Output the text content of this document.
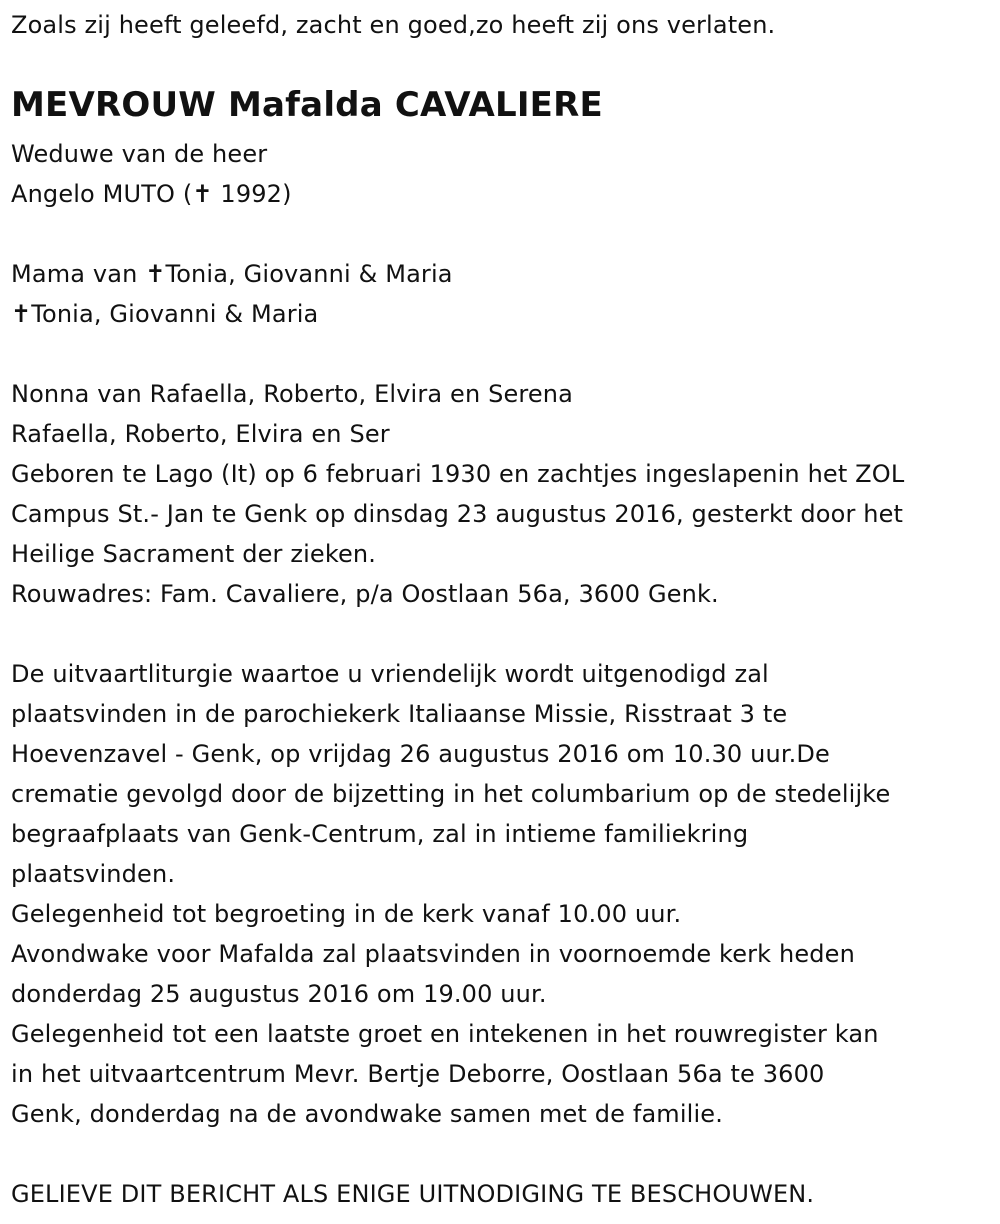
Zoals zij heeft geleefd, zacht en goed,zo heeft zij ons verlaten.
MEVROUW Mafalda CAVALIERE
Weduwe van de heer
Angelo MUTO (✝ 1992)
Mama van ✝Tonia, Giovanni & Maria
✝Tonia, Giovanni & Maria
Nonna van Rafaella, Roberto, Elvira en Serena
Rafaella, Roberto, Elvira en Ser
Geboren te Lago (It) op 6 februari 1930 en zachtjes ingeslapenin het ZOL
Campus St.- Jan te Genk op dinsdag 23 augustus 2016, gesterkt door het
Heilige Sacrament der zieken.
Rouwadres: Fam. Cavaliere, p/a Oostlaan 56a, 3600 Genk.
De uitvaartliturgie waartoe u vriendelijk wordt uitgenodigd zal
plaatsvinden in de parochiekerk Italiaanse Missie, Risstraat 3 te
Hoevenzavel - Genk, op vrijdag 26 augustus 2016 om 10.30 uur.De
crematie gevolgd door de bijzetting in het columbarium op de stedelijke
begraafplaats van Genk-Centrum, zal in intieme familiekring
plaatsvinden.
Gelegenheid tot begroeting in de kerk vanaf 10.00 uur.
Avondwake voor Mafalda zal plaatsvinden in voornoemde kerk heden
donderdag 25 augustus 2016 om 19.00 uur.
Gelegenheid tot een laatste groet en intekenen in het rouwregister kan
in het uitvaartcentrum Mevr. Bertje Deborre, Oostlaan 56a te 3600
Genk, donderdag na de avondwake samen met de familie.
GELIEVE DIT BERICHT ALS ENIGE UITNODIGING TE BESCHOUWEN.
